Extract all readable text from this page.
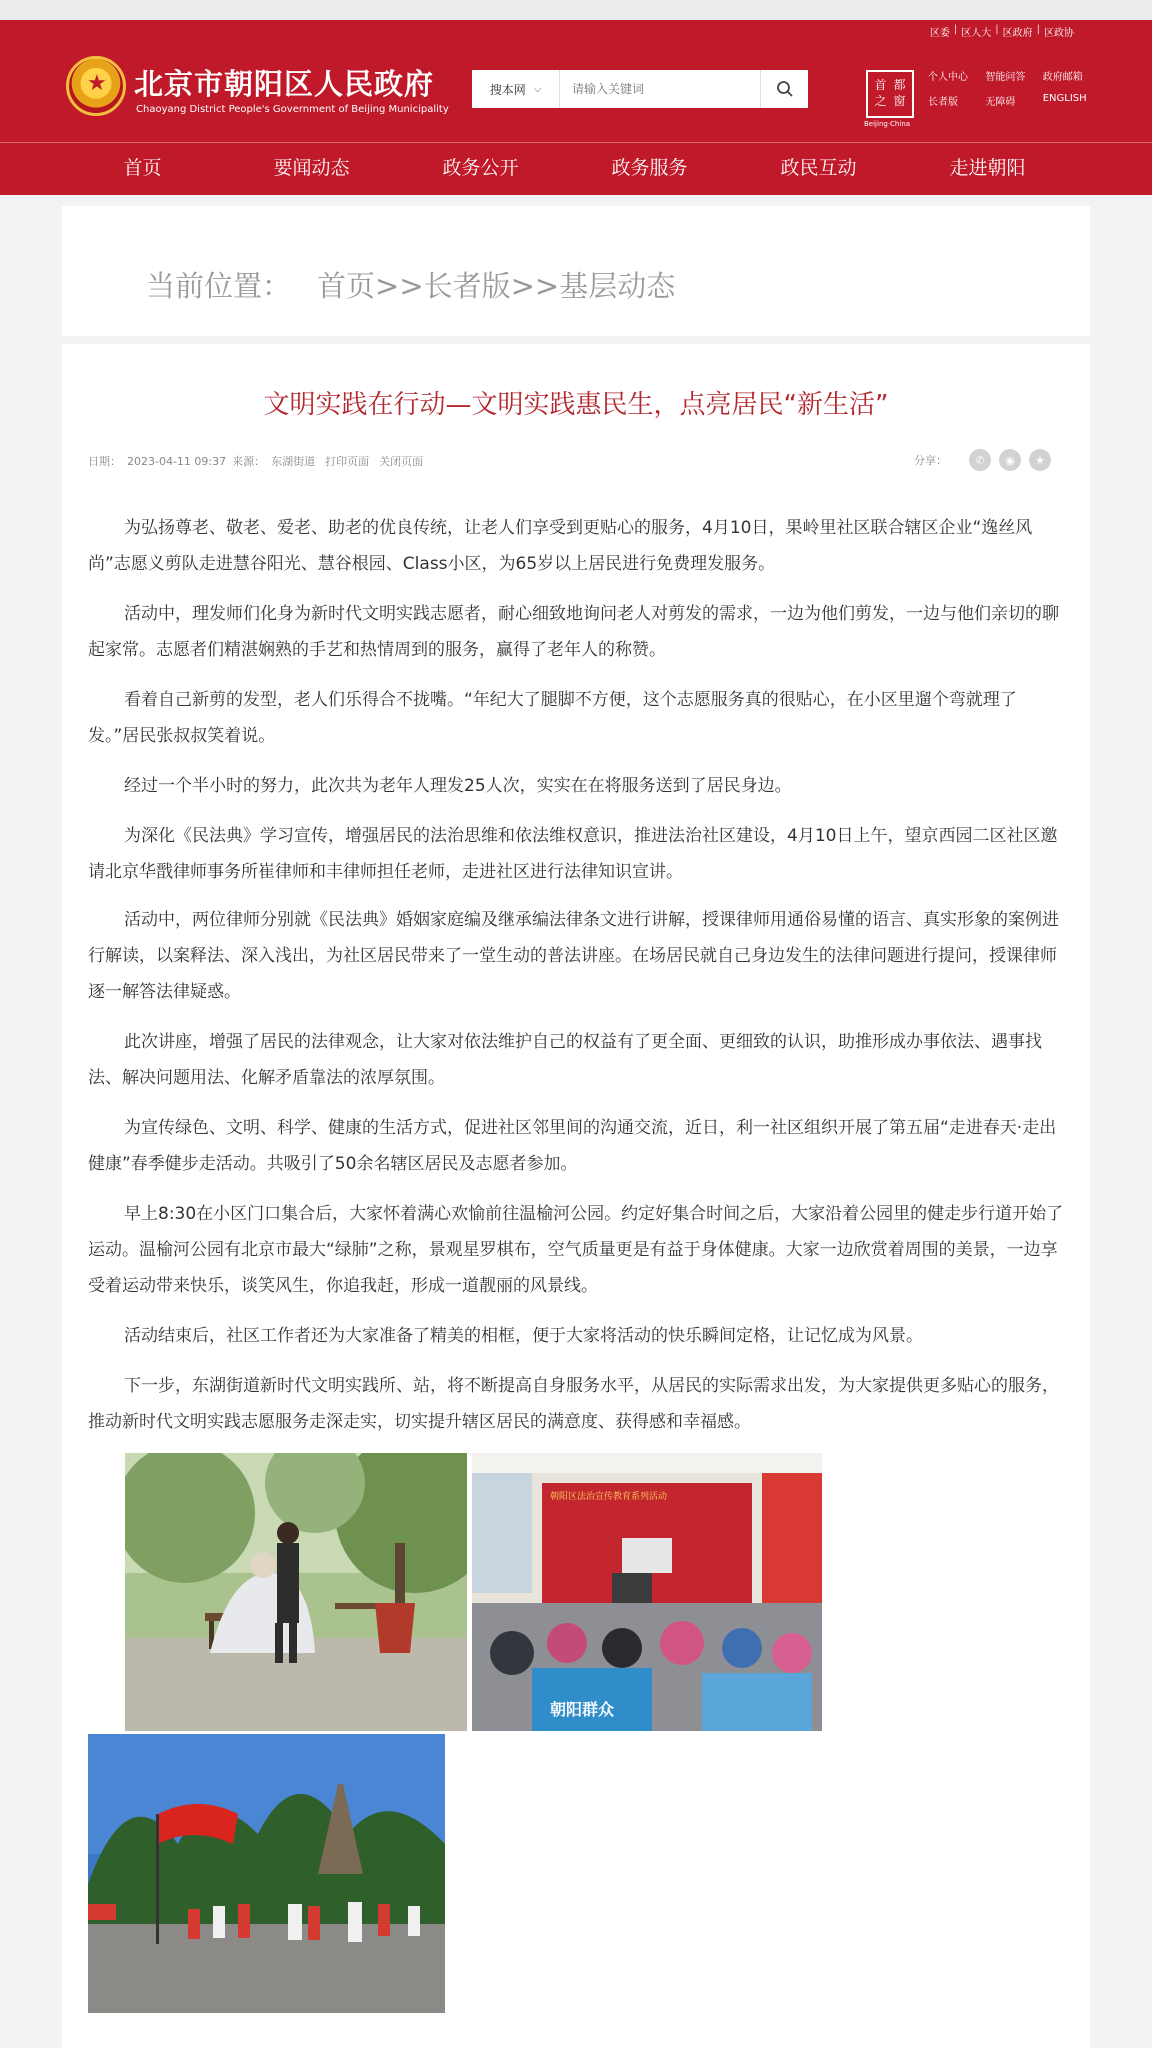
区委 | 区人大 | 区政府 | 区政协
★ 北京市朝阳区人民政府
Chaoyang District People's Government of Beijing Municipality
搜本网 ⌵
请输入关键词	首 都
之 窗
Beijing·China
个人中心 智能问答 政府邮箱
长者版	无障碍	ENGLISH
首页	要闻动态	政务公开	政务服务	政民互动	走进朝阳
当前位置： 首页>>长者版>>基层动态
文明实践在行动—文明实践惠民生，点亮居民“新生活”
日期： 2023-04-11 09:37 来源： 东湖街道 打印页面 关闭页面	分享：	✆	◉	★
为弘扬尊老、敬老、爱老、助老的优良传统，让老人们享受到更贴心的服务，4月10日，果岭里社区联合辖区企业“逸丝风尚”志愿义剪队走进慧谷阳光、慧谷根园、Class小区，为65岁以上居民进行免费理发服务。
活动中，理发师们化身为新时代文明实践志愿者，耐心细致地询问老人对剪发的需求，一边为他们剪发，一边与他们亲切的聊起家常。志愿者们精湛娴熟的手艺和热情周到的服务，赢得了老年人的称赞。
看着自己新剪的发型，老人们乐得合不拢嘴。“年纪大了腿脚不方便，这个志愿服务真的很贴心，在小区里遛个弯就理了发。”居民张叔叔笑着说。
经过一个半小时的努力，此次共为老年人理发25人次，实实在在将服务送到了居民身边。
为深化《民法典》学习宣传，增强居民的法治思维和依法维权意识，推进法治社区建设，4月10日上午，望京西园二区社区邀请北京华戬律师事务所崔律师和丰律师担任老师，走进社区进行法律知识宣讲。
活动中，两位律师分别就《民法典》婚姻家庭编及继承编法律条文进行讲解，授课律师用通俗易懂的语言、真实形象的案例进行解读，以案释法、深入浅出，为社区居民带来了一堂生动的普法讲座。在场居民就自己身边发生的法律问题进行提问，授课律师逐一解答法律疑惑。
此次讲座，增强了居民的法律观念，让大家对依法维护自己的权益有了更全面、更细致的认识，助推形成办事依法、遇事找法、解决问题用法、化解矛盾靠法的浓厚氛围。
为宣传绿色、文明、科学、健康的生活方式，促进社区邻里间的沟通交流，近日，利一社区组织开展了第五届“走进春天·走出健康”春季健步走活动。共吸引了50余名辖区居民及志愿者参加。
早上8:30在小区门口集合后，大家怀着满心欢愉前往温榆河公园。约定好集合时间之后，大家沿着公园里的健走步行道开始了运动。温榆河公园有北京市最大“绿肺”之称，景观星罗棋布，空气质量更是有益于身体健康。大家一边欣赏着周围的美景，一边享受着运动带来快乐，谈笑风生，你追我赶，形成一道靓丽的风景线。
活动结束后，社区工作者还为大家准备了精美的相框，便于大家将活动的快乐瞬间定格，让记忆成为风景。
下一步，东湖街道新时代文明实践所、站，将不断提高自身服务水平，从居民的实际需求出发，为大家提供更多贴心的服务，推动新时代文明实践志愿服务走深走实，切实提升辖区居民的满意度、获得感和幸福感。
朝阳区法治宣传教育系列活动
朝阳群众
